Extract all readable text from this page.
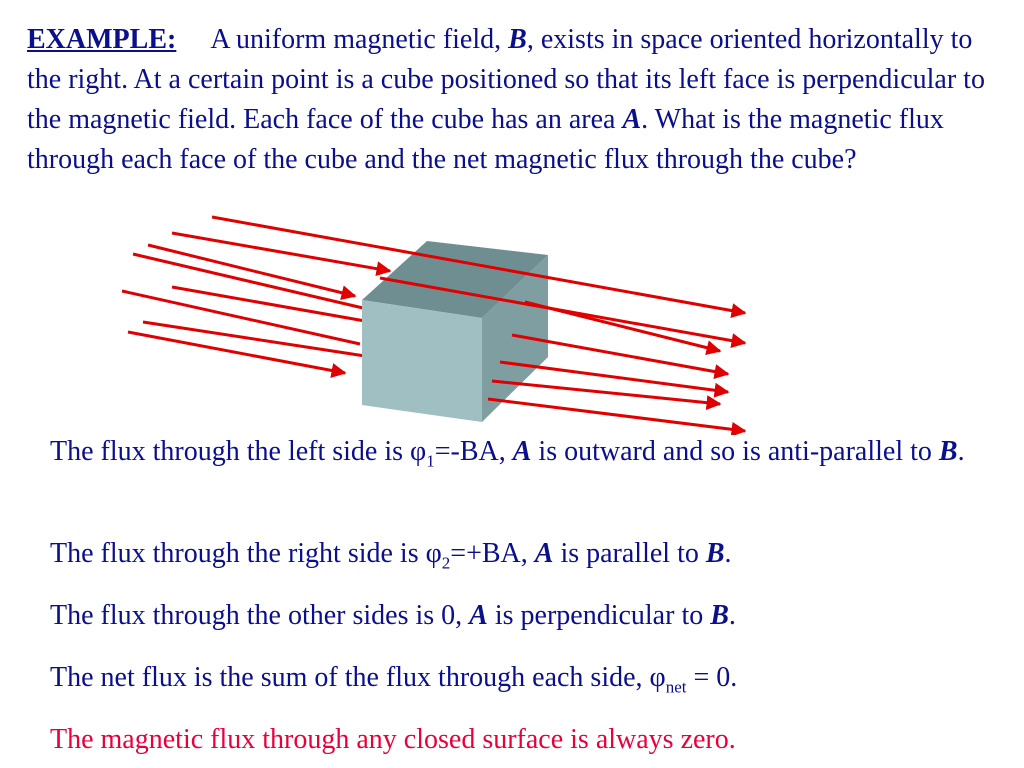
EXAMPLE: A uniform magnetic field, B, exists in space oriented horizontally to the right. At a certain point is a cube positioned so that its left face is perpendicular to the magnetic field. Each face of the cube has an area A. What is the magnetic flux through each face of the cube and the net magnetic flux through the cube?

The flux through the left side is $\varphi_1=-BA$, A is outward and so is anti-parallel to B.

The flux through the right side is $\varphi_2=+BA$, A is parallel to B.

The flux through the other sides is 0, A is perpendicular to B.

The net flux is the sum of the flux through each side, $\varphi_{net} = 0$.

The magnetic flux through any closed surface is always zero.
